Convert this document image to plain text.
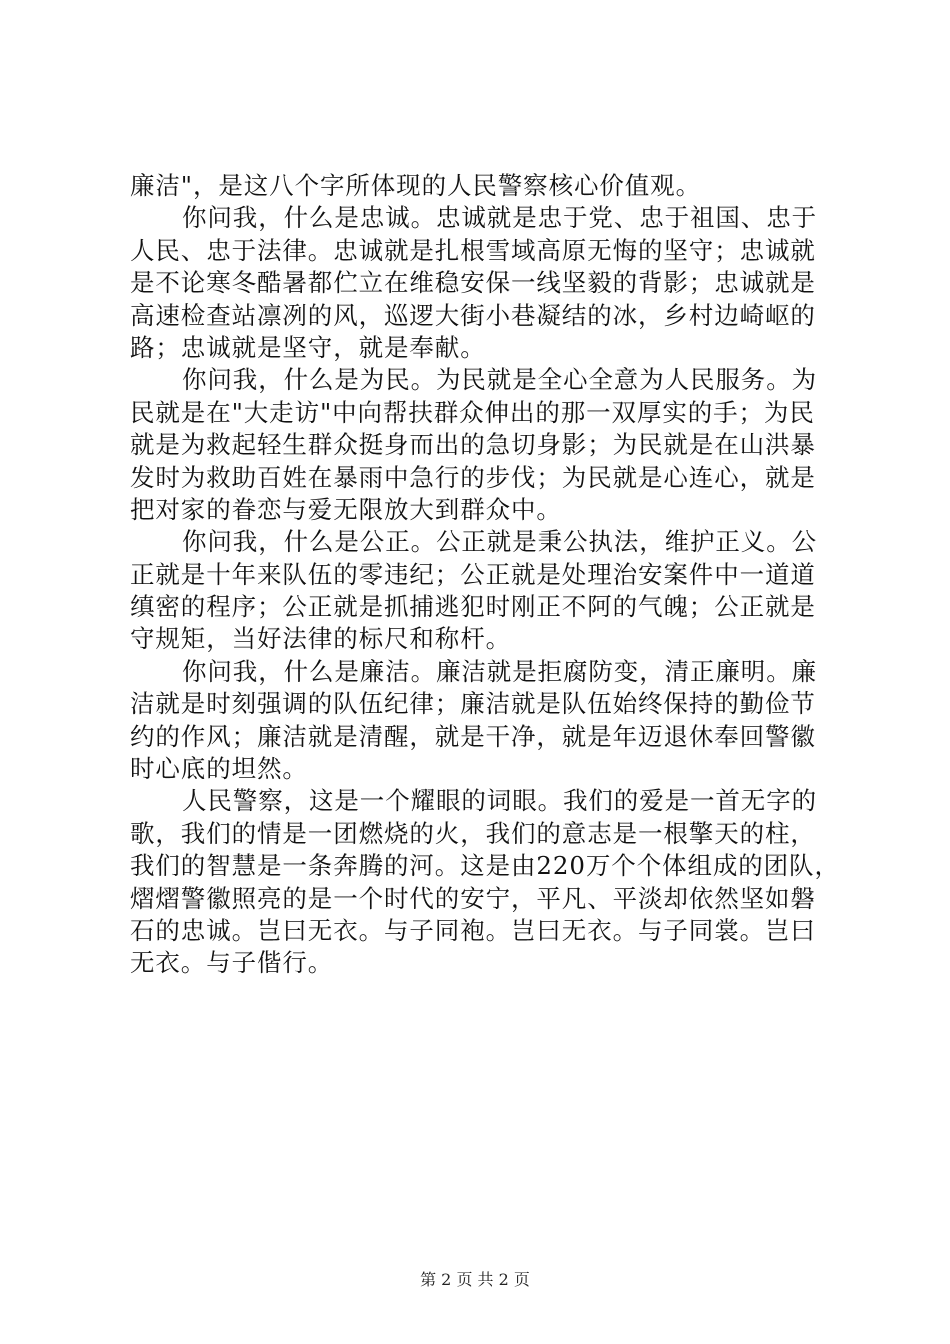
廉洁"，是这八个字所体现的人民警察核心价值观。
你问我，什么是忠诚。忠诚就是忠于党、忠于祖国、忠于
人民、忠于法律。忠诚就是扎根雪域高原无悔的坚守；忠诚就
是不论寒冬酷暑都伫立在维稳安保一线坚毅的背影；忠诚就是
高速检查站凛冽的风，巡逻大街小巷凝结的冰，乡村边崎岖的
路；忠诚就是坚守，就是奉献。
你问我，什么是为民。为民就是全心全意为人民服务。为
民就是在"大走访"中向帮扶群众伸出的那一双厚实的手；为民
就是为救起轻生群众挺身而出的急切身影；为民就是在山洪暴
发时为救助百姓在暴雨中急行的步伐；为民就是心连心，就是
把对家的眷恋与爱无限放大到群众中。
你问我，什么是公正。公正就是秉公执法，维护正义。公
正就是十年来队伍的零违纪；公正就是处理治安案件中一道道
缜密的程序；公正就是抓捕逃犯时刚正不阿的气魄；公正就是
守规矩，当好法律的标尺和称杆。
你问我，什么是廉洁。廉洁就是拒腐防变，清正廉明。廉
洁就是时刻强调的队伍纪律；廉洁就是队伍始终保持的勤俭节
约的作风；廉洁就是清醒，就是干净，就是年迈退休奉回警徽
时心底的坦然。
人民警察，这是一个耀眼的词眼。我们的爱是一首无字的
歌，我们的情是一团燃烧的火，我们的意志是一根擎天的柱，
我们的智慧是一条奔腾的河。这是由220万个个体组成的团队，
熠熠警徽照亮的是一个时代的安宁，平凡、平淡却依然坚如磐
石的忠诚。岂曰无衣。与子同袍。岂曰无衣。与子同裳。岂曰
无衣。与子偕行。
第 2 页 共 2 页
